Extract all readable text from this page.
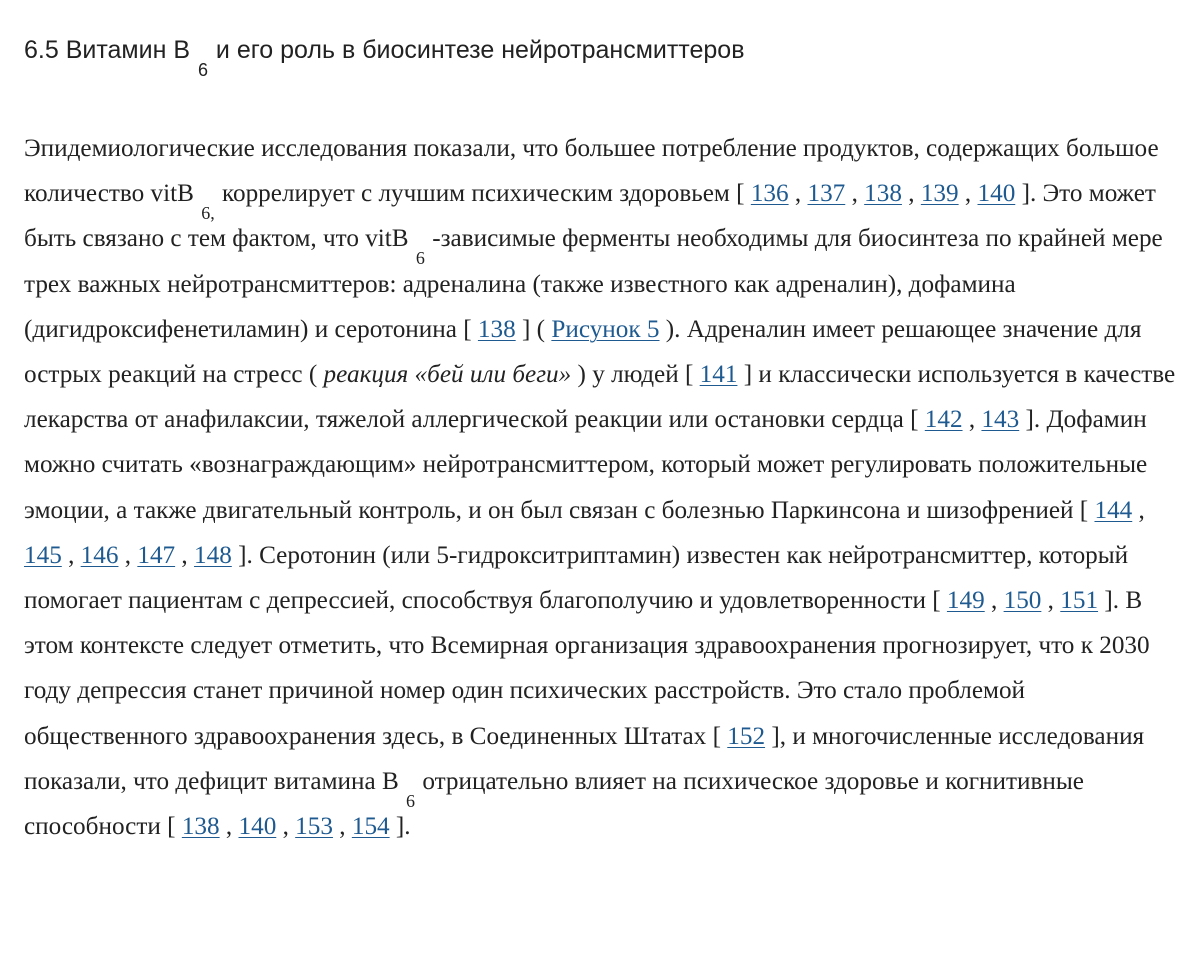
6.5 Витамин B $_6$ и его роль в биосинтезе нейротрансмиттеров

Эпидемиологические исследования показали, что большее потребление продуктов, содержащих большое количество vitB $_{6,}$ коррелирует с лучшим психическим здоровьем [ 136 , 137 , 138 , 139 , 140 ]. Это может быть связано с тем фактом, что vitB $_6$ -зависимые ферменты необходимы для биосинтеза по крайней мере трех важных нейротрансмиттеров: адреналина (также известного как адреналин), дофамина (дигидроксифенетиламин) и серотонина [ 138 ] ( Рисунок 5 ). Адреналин имеет решающее значение для острых реакций на стресс ( реакция «бей или беги» ) у людей [ 141 ] и классически используется в качестве лекарства от анафилаксии, тяжелой аллергической реакции или остановки сердца [ 142 , 143 ]. Дофамин можно считать «вознаграждающим» нейротрансмиттером, который может регулировать положительные эмоции, а также двигательный контроль, и он был связан с болезнью Паркинсона и шизофренией [ 144 , 145 , 146 , 147 , 148 ]. Серотонин (или 5-гидрокситриптамин) известен как нейротрансмиттер, который помогает пациентам с депрессией, способствуя благополучию и удовлетворенности [ 149 , 150 , 151 ]. В этом контексте следует отметить, что Всемирная организация здравоохранения прогнозирует, что к 2030 году депрессия станет причиной номер один психических расстройств. Это стало проблемой общественного здравоохранения здесь, в Соединенных Штатах [ 152 ], и многочисленные исследования показали, что дефицит витамина B $_6$ отрицательно влияет на психическое здоровье и когнитивные способности [ 138 , 140 , 153 , 154 ].
